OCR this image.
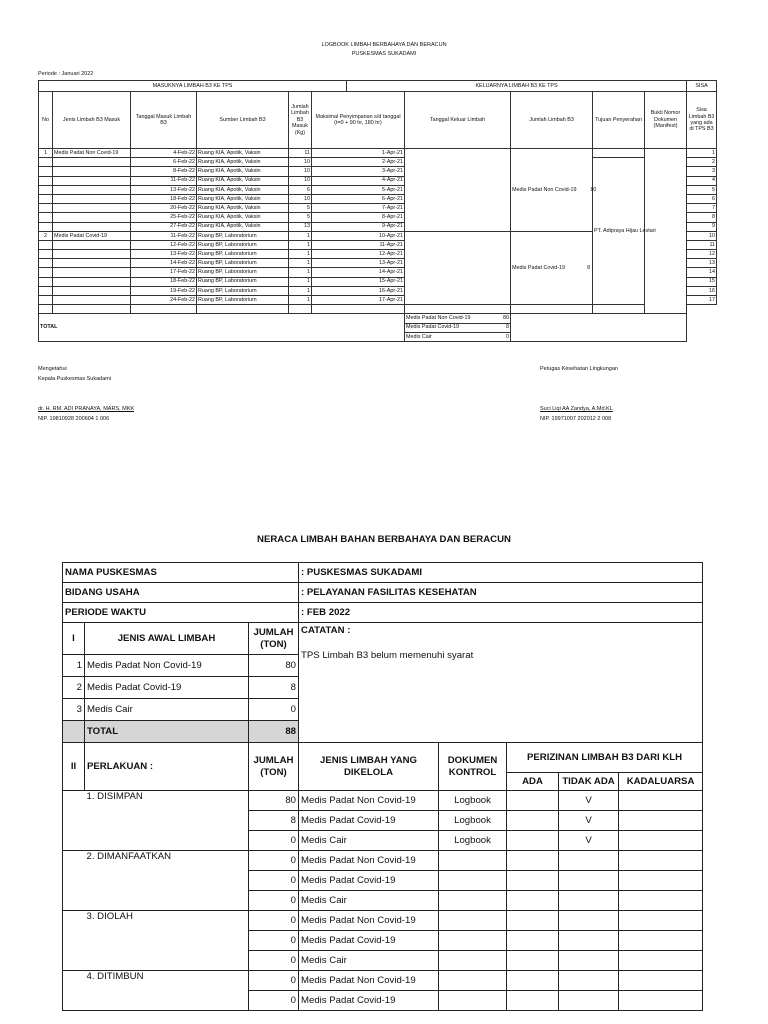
LOGBOOK LIMBAH BERBAHAYA DAN BERACUN
PUSKESMAS SUKADAMI
Periode : Januari 2022
MASUKNYA LIMBAH B3 KE TPS						KELUARNYA LIMBAH B3 KE TPS					SISA
No	Jenis Limbah B3 Masuk	Tanggal Masuk Limbah B3	Sumber Limbah B3	Jumlah Limbah B3 Masuk (Kg)	Maksimal Penyimpanan s/d tanggal (t=0 + 90 hr, 180 hr)		Tanggal Keluar Limbah	Jumlah Limbah B3	Tujuan Penyerahan	Bukti Nomor Dokumen (Manifest)	Sisa Limbah B3 yang ada di TPS B3
1	Medis Padat Non Covid-19	4-Feb-22	Ruang KIA, Apotik, Vaksin	11	1-Apr-21			Medis Padat Non Covid-19 80			1
		6-Feb-22	Ruang KIA, Apotik, Vaksin	10	2-Apr-21				PT. Adipraya Hijau Lestari		2
		8-Feb-22	Ruang KIA, Apotik, Vaksin	10	3-Apr-21						3
		11-Feb-22	Ruang KIA, Apotik, Vaksin	10	4-Apr-21						4
		13-Feb-22	Ruang KIA, Apotik, Vaksin	6	5-Apr-21						5
		18-Feb-22	Ruang KIA, Apotik, Vaksin	10	6-Apr-21						6
		20-Feb-22	Ruang KIA, Apotik, Vaksin	5	7-Apr-21						7
		25-Feb-22	Ruang KIA, Apotik, Vaksin	5	8-Apr-21						8
		27-Feb-22	Ruang KIA, Apotik, Vaksin	13	9-Apr-21						9
2	Medis Padat Covid-19	11-Feb-22	Ruang BP, Laboratorium	1	10-Apr-21			Medis Padat Covid-19 8			10
		12-Feb-22	Ruang BP, Laboratorium	1	11-Apr-21						11
		13-Feb-22	Ruang BP, Laboratorium	1	12-Apr-21						12
		14-Feb-22	Ruang BP, Laboratorium	1	13-Apr-21						13
		17-Feb-22	Ruang BP, Laboratorium	1	14-Apr-21						14
		18-Feb-22	Ruang BP, Laboratorium	1	15-Apr-21						15
		19-Feb-22	Ruang BP, Laboratorium	1	16-Apr-21						16
		24-Feb-22	Ruang BP, Laboratorium	1	17-Apr-21						17

TOTAL							Medis Padat Non Covid-19 80				

							Medis Padat Covid-19 8				

							Medis Cair 0				
Mengetahui
Kepala Puskesmas Sukadami
dr. H. RM. ADI PRANAYA, MARS, MKK
NIP. 19810928 200604 1 006
Petugas Kesehatan Lingkungan
Suci Liqi AA Zandya, A.Md.KL
NIP. 19971007 202012 2 008
NERACA LIMBAH BAHAN BERBAHAYA DAN BERACUN
NAMA PUSKESMAS			: PUSKESMAS SUKADAMI				
BIDANG USAHA			: PELAYANAN FASILITAS KESEHATAN				
PERIODE WAKTU			: FEB 2022				
I	JENIS AWAL LIMBAH	JUMLAH (TON)	CATATAN :
TPS Limbah B3 belum memenuhi syarat				

1	Medis Padat Non Covid-19	80					
2	Medis Padat Covid-19	8					
3	Medis Cair	0					
	TOTAL	88					
II	PERLAKUAN :	JUMLAH (TON)	JENIS LIMBAH YANG DIKELOLA	DOKUMEN KONTROL	PERIZINAN LIMBAH B3 DARI KLH		
					ADA	TIDAK ADA	KADALUARSA
	1. DISIMPAN	80	Medis Padat Non Covid-19	Logbook		V	
		8	Medis Padat Covid-19	Logbook		V	
		0	Medis Cair	Logbook		V	
	2. DIMANFAATKAN	0	Medis Padat Non Covid-19				
		0	Medis Padat Covid-19				
		0	Medis Cair				
	3. DIOLAH	0	Medis Padat Non Covid-19				
		0	Medis Padat Covid-19				
		0	Medis Cair				
	4. DITIMBUN	0	Medis Padat Non Covid-19				
		0	Medis Padat Covid-19				
